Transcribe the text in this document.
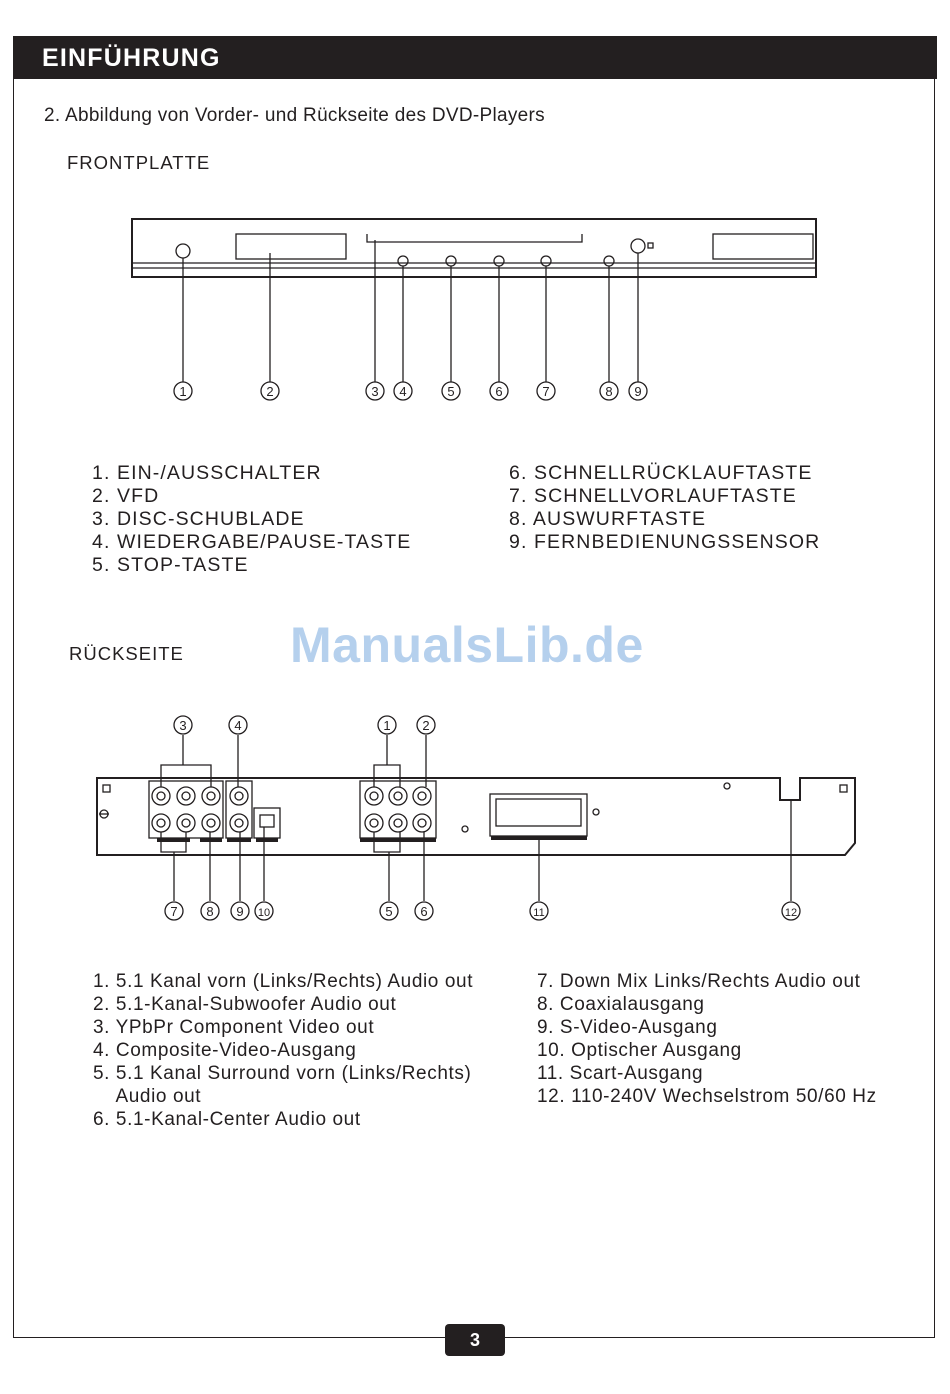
EINFÜHRUNG
2. Abbildung von Vorder- und Rückseite des DVD-Players
FRONTPLATTE
1	2	3 4	5	6	7	8 9
1. EIN-/AUSSCHALTER
2. VFD
3. DISC-SCHUBLADE
4. WIEDERGABE/PAUSE-TASTE
5. STOP-TASTE
6. SCHNELLRÜCKLAUFTASTE
7. SCHNELLVORLAUFTASTE
8. AUSWURFTASTE
9. FERNBEDIENUNGSSENSOR
ManualsLib.de
RÜCKSEITE
3	4	1 2
7 8 9 10	5 6	11	12
1. 5.1 Kanal vorn (Links/Rechts) Audio out
2. 5.1-Kanal-Subwoofer Audio out
3. YPbPr Component Video out
4. Composite-Video-Ausgang
5. 5.1 Kanal Surround vorn (Links/Rechts)
Audio out
6. 5.1-Kanal-Center Audio out
7. Down Mix Links/Rechts Audio out
8. Coaxialausgang
9. S-Video-Ausgang
10. Optischer Ausgang
11. Scart-Ausgang
12. 110-240V Wechselstrom 50/60 Hz
3
